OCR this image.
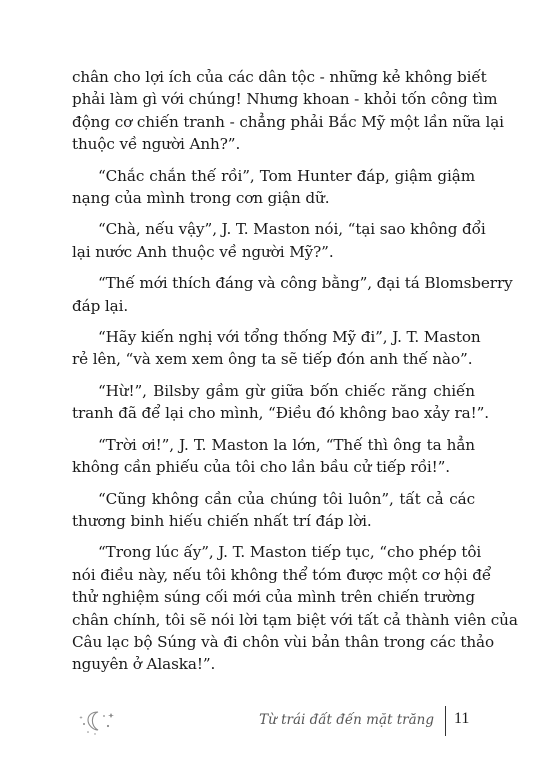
chân cho lợi ích của các dân tộc - những kẻ không biết
phải làm gì với chúng! Nhưng khoan - khỏi tốn công tìm
động cơ chiến tranh - chẳng phải Bắc Mỹ một lần nữa lại
thuộc về người Anh?”.

“Chắc chắn thế rồi”, Tom Hunter đáp, giậm giậm
nạng của mình trong cơn giận dữ.

“Chà, nếu vậy”, J. T. Maston nói, “tại sao không đổi
lại nước Anh thuộc về người Mỹ?”.

“Thế mới thích đáng và công bằng”, đại tá Blomsberry
đáp lại.

“Hãy kiến nghị với tổng thống Mỹ đi”, J. T. Maston
rẻ lên, “và xem xem ông ta sẽ tiếp đón anh thế nào”.

“Hừ!”, Bilsby gầm gừ giữa bốn chiếc răng chiến
tranh đã để lại cho mình, “Điều đó không bao xảy ra!”.

“Trời ơi!”, J. T. Maston la lớn, “Thế thì ông ta hẳn
không cần phiếu của tôi cho lần bầu cử tiếp rồi!”.

“Cũng không cần của chúng tôi luôn”, tất cả các
thương binh hiếu chiến nhất trí đáp lời.

“Trong lúc ấy”, J. T. Maston tiếp tục, “cho phép tôi
nói điều này, nếu tôi không thể tóm được một cơ hội để
thử nghiệm súng cối mới của mình trên chiến trường
chân chính, tôi sẽ nói lời tạm biệt với tất cả thành viên của
Câu lạc bộ Súng và đi chôn vùi bản thân trong các thảo
nguyên ở Alaska!”.

Từ trái đất đến mặt trăng 11
